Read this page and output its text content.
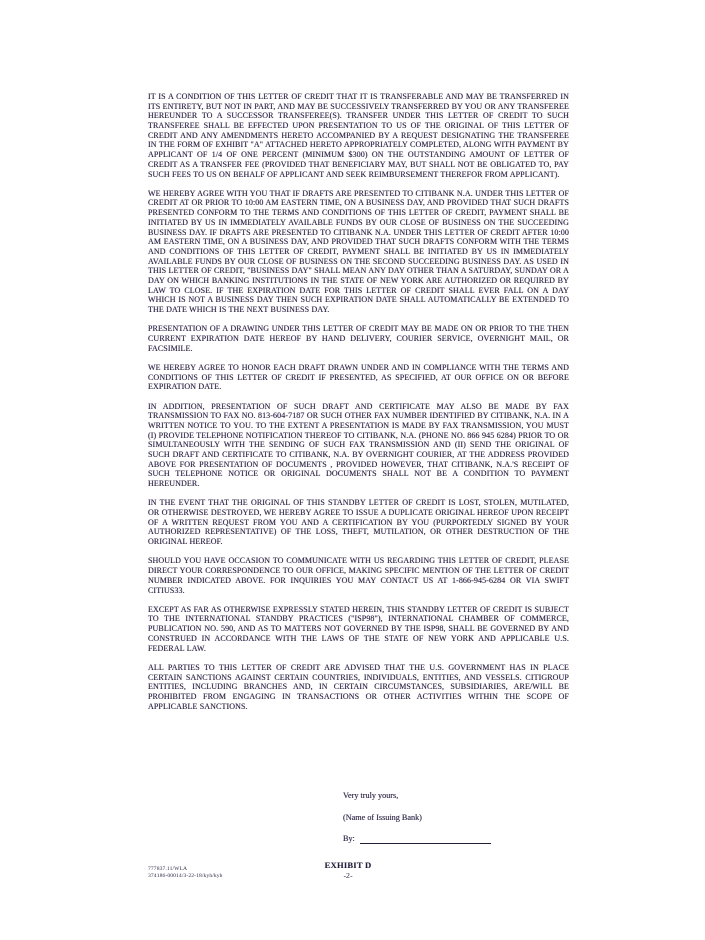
IT IS A CONDITION OF THIS LETTER OF CREDIT THAT IT IS TRANSFERABLE AND MAY BE TRANSFERRED IN ITS ENTIRETY, BUT NOT IN PART, AND MAY BE SUCCESSIVELY TRANSFERRED BY YOU OR ANY TRANSFEREE HEREUNDER TO A SUCCESSOR TRANSFEREE(S). TRANSFER UNDER THIS LETTER OF CREDIT TO SUCH TRANSFEREE SHALL BE EFFECTED UPON PRESENTATION TO US OF THE ORIGINAL OF THIS LETTER OF CREDIT AND ANY AMENDMENTS HERETO ACCOMPANIED BY A REQUEST DESIGNATING THE TRANSFEREE IN THE FORM OF EXHIBIT "A" ATTACHED HERETO APPROPRIATELY COMPLETED, ALONG WITH PAYMENT BY APPLICANT OF 1/4 OF ONE PERCENT (MINIMUM $300) ON THE OUTSTANDING AMOUNT OF LETTER OF CREDIT AS A TRANSFER FEE (PROVIDED THAT BENEFICIARY MAY, BUT SHALL NOT BE OBLIGATED TO, PAY SUCH FEES TO US ON BEHALF OF APPLICANT AND SEEK REIMBURSEMENT THEREFOR FROM APPLICANT).

WE HEREBY AGREE WITH YOU THAT IF DRAFTS ARE PRESENTED TO CITIBANK N.A. UNDER THIS LETTER OF CREDIT AT OR PRIOR TO 10:00 AM EASTERN TIME, ON A BUSINESS DAY, AND PROVIDED THAT SUCH DRAFTS PRESENTED CONFORM TO THE TERMS AND CONDITIONS OF THIS LETTER OF CREDIT, PAYMENT SHALL BE INITIATED BY US IN IMMEDIATELY AVAILABLE FUNDS BY OUR CLOSE OF BUSINESS ON THE SUCCEEDING BUSINESS DAY. IF DRAFTS ARE PRESENTED TO CITIBANK N.A. UNDER THIS LETTER OF CREDIT AFTER 10:00 AM EASTERN TIME, ON A BUSINESS DAY, AND PROVIDED THAT SUCH DRAFTS CONFORM WITH THE TERMS AND CONDITIONS OF THIS LETTER OF CREDIT, PAYMENT SHALL BE INITIATED BY US IN IMMEDIATELY AVAILABLE FUNDS BY OUR CLOSE OF BUSINESS ON THE SECOND SUCCEEDING BUSINESS DAY. AS USED IN THIS LETTER OF CREDIT, "BUSINESS DAY" SHALL MEAN ANY DAY OTHER THAN A SATURDAY, SUNDAY OR A DAY ON WHICH BANKING INSTITUTIONS IN THE STATE OF NEW YORK ARE AUTHORIZED OR REQUIRED BY LAW TO CLOSE. IF THE EXPIRATION DATE FOR THIS LETTER OF CREDIT SHALL EVER FALL ON A DAY WHICH IS NOT A BUSINESS DAY THEN SUCH EXPIRATION DATE SHALL AUTOMATICALLY BE EXTENDED TO THE DATE WHICH IS THE NEXT BUSINESS DAY.

PRESENTATION OF A DRAWING UNDER THIS LETTER OF CREDIT MAY BE MADE ON OR PRIOR TO THE THEN CURRENT EXPIRATION DATE HEREOF BY HAND DELIVERY, COURIER SERVICE, OVERNIGHT MAIL, OR FACSIMILE.

WE HEREBY AGREE TO HONOR EACH DRAFT DRAWN UNDER AND IN COMPLIANCE WITH THE TERMS AND CONDITIONS OF THIS LETTER OF CREDIT IF PRESENTED, AS SPECIFIED, AT OUR OFFICE ON OR BEFORE EXPIRATION DATE.

IN ADDITION, PRESENTATION OF SUCH DRAFT AND CERTIFICATE MAY ALSO BE MADE BY FAX TRANSMISSION TO FAX NO. 813-604-7187 OR SUCH OTHER FAX NUMBER IDENTIFIED BY CITIBANK, N.A. IN A WRITTEN NOTICE TO YOU. TO THE EXTENT A PRESENTATION IS MADE BY FAX TRANSMISSION, YOU MUST (I) PROVIDE TELEPHONE NOTIFICATION THEREOF TO CITIBANK, N.A. (PHONE NO. 866 945 6284) PRIOR TO OR SIMULTANEOUSLY WITH THE SENDING OF SUCH FAX TRANSMISSION AND (II) SEND THE ORIGINAL OF SUCH DRAFT AND CERTIFICATE TO CITIBANK, N.A. BY OVERNIGHT COURIER, AT THE ADDRESS PROVIDED ABOVE FOR PRESENTATION OF DOCUMENTS , PROVIDED HOWEVER, THAT CITIBANK, N.A.'S RECEIPT OF SUCH TELEPHONE NOTICE OR ORIGINAL DOCUMENTS SHALL NOT BE A CONDITION TO PAYMENT HEREUNDER.

IN THE EVENT THAT THE ORIGINAL OF THIS STANDBY LETTER OF CREDIT IS LOST, STOLEN, MUTILATED, OR OTHERWISE DESTROYED, WE HEREBY AGREE TO ISSUE A DUPLICATE ORIGINAL HEREOF UPON RECEIPT OF A WRITTEN REQUEST FROM YOU AND A CERTIFICATION BY YOU (PURPORTEDLY SIGNED BY YOUR AUTHORIZED REPRESENTATIVE) OF THE LOSS, THEFT, MUTILATION, OR OTHER DESTRUCTION OF THE ORIGINAL HEREOF.

SHOULD YOU HAVE OCCASION TO COMMUNICATE WITH US REGARDING THIS LETTER OF CREDIT, PLEASE DIRECT YOUR CORRESPONDENCE TO OUR OFFICE, MAKING SPECIFIC MENTION OF THE LETTER OF CREDIT NUMBER INDICATED ABOVE. FOR INQUIRIES YOU MAY CONTACT US AT 1-866-945-6284 OR VIA SWIFT CITIUS33.

EXCEPT AS FAR AS OTHERWISE EXPRESSLY STATED HEREIN, THIS STANDBY LETTER OF CREDIT IS SUBJECT TO THE INTERNATIONAL STANDBY PRACTICES ("ISP98"), INTERNATIONAL CHAMBER OF COMMERCE, PUBLICATION NO. 590, AND AS TO MATTERS NOT GOVERNED BY THE ISP98, SHALL BE GOVERNED BY AND CONSTRUED IN ACCORDANCE WITH THE LAWS OF THE STATE OF NEW YORK AND APPLICABLE U.S. FEDERAL LAW.

ALL PARTIES TO THIS LETTER OF CREDIT ARE ADVISED THAT THE U.S. GOVERNMENT HAS IN PLACE CERTAIN SANCTIONS AGAINST CERTAIN COUNTRIES, INDIVIDUALS, ENTITIES, AND VESSELS. CITIGROUP ENTITIES, INCLUDING BRANCHES AND, IN CERTAIN CIRCUMSTANCES, SUBSIDIARIES, ARE/WILL BE PROHIBITED FROM ENGAGING IN TRANSACTIONS OR OTHER ACTIVITIES WITHIN THE SCOPE OF APPLICABLE SANCTIONS.

Very truly yours,
(Name of Issuing Bank)
By:
777837.11/WLA
374186-00014/3-22-18/kyh/kyh
EXHIBIT D
-2-
